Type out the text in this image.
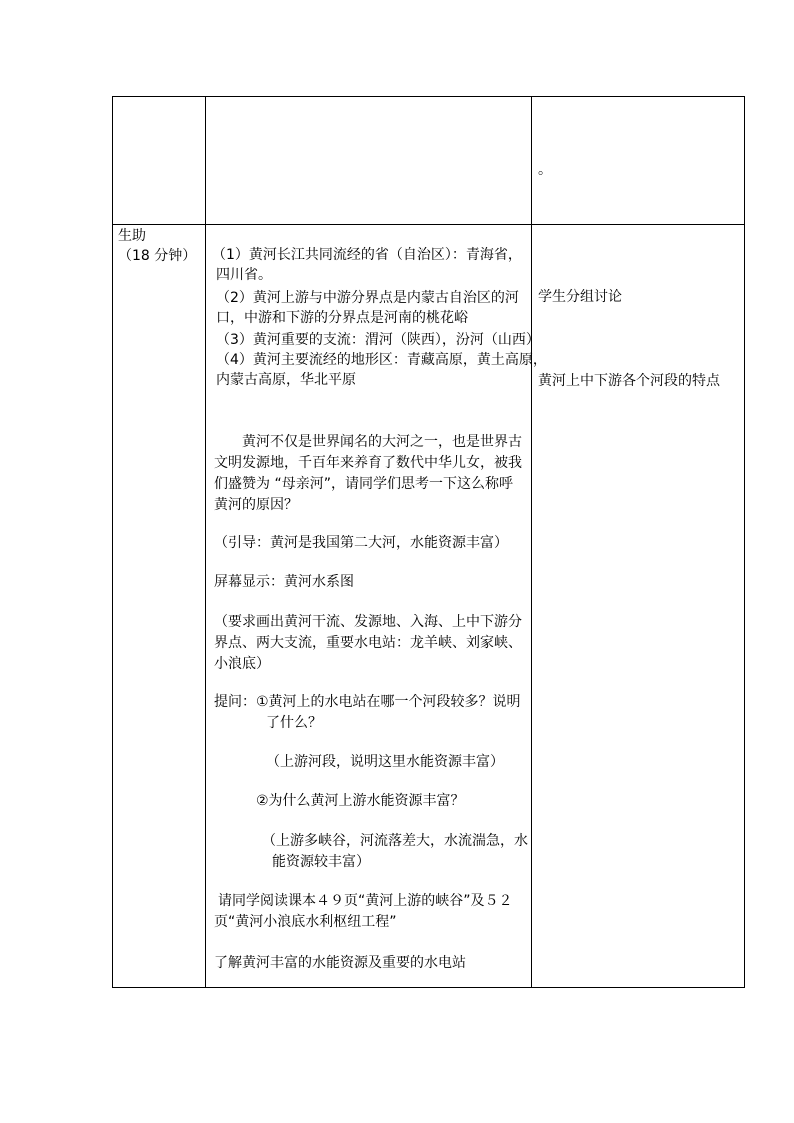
。
生助
（18 分钟） （1）黄河长江共同流经的省（自治区）：青海省，
四川省。
（2）黄河上游与中游分界点是内蒙古自治区的河
口，中游和下游的分界点是河南的桃花峪
（3）黄河重要的支流：渭河（陕西），汾河（山西）
（4）黄河主要流经的地形区：青藏高原，黄土高原，
内蒙古高原，华北平原
黄河不仅是世界闻名的大河之一，也是世界古
文明发源地，千百年来养育了数代中华儿女，被我
们盛赞为 “母亲河”，请同学们思考一下这么称呼
黄河的原因？
（引导：黄河是我国第二大河，水能资源丰富）
屏幕显示：黄河水系图
（要求画出黄河干流、发源地、入海、上中下游分
界点、两大支流，重要水电站：龙羊峡、刘家峡、
小浪底）
提问：①黄河上的水电站在哪一个河段较多？说明
了什么？
（上游河段，说明这里水能资源丰富）
②为什么黄河上游水能资源丰富？
（上游多峡谷，河流落差大，水流湍急，水
能资源较丰富）
请同学阅读课本４９页“黄河上游的峡谷”及５２
页“黄河小浪底水利枢纽工程”
了解黄河丰富的水能资源及重要的水电站
学生分组讨论
黄河上中下游各个河段的特点
